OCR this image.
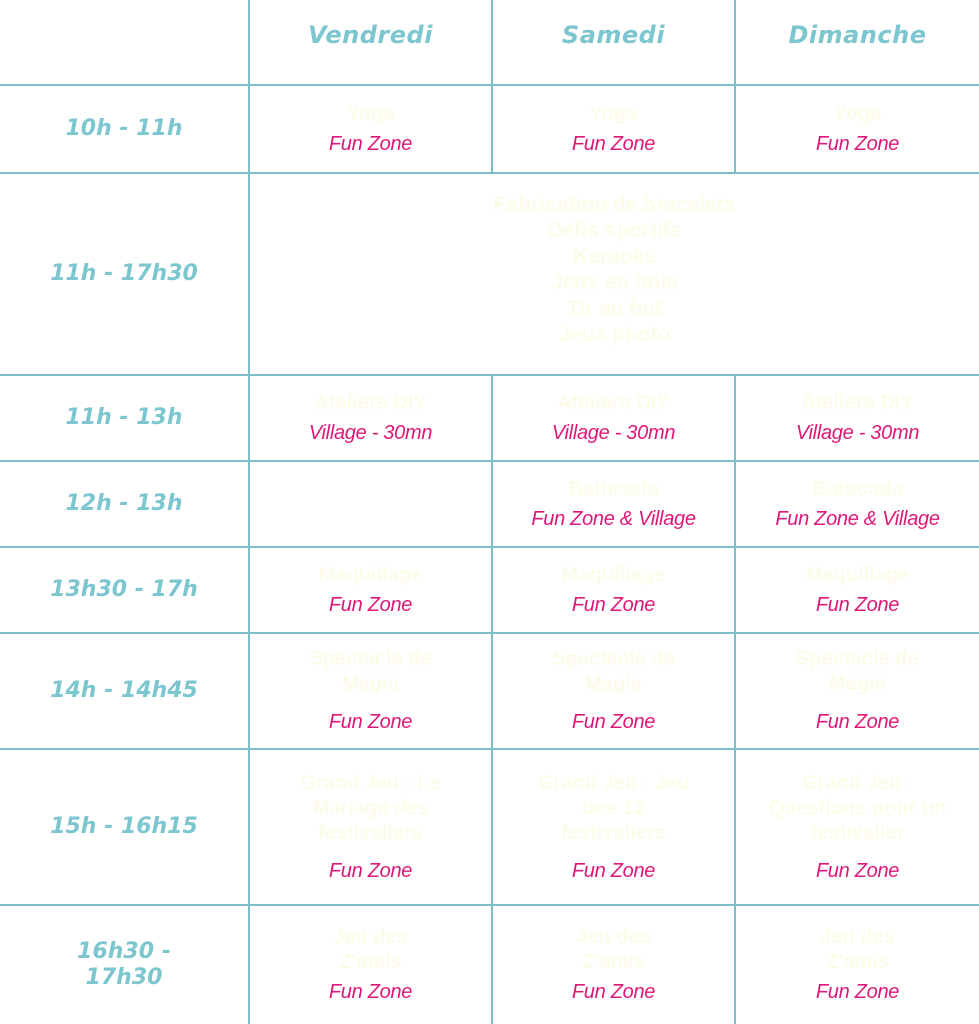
Vendredi	Samedi	Dimanche
10h - 11h
Yoga
Fun Zone
Yoga
Fun Zone
Yoga
Fun Zone
11h - 17h30
Fabrication de bracelets
Défis sportifs
Karaoké
Jeux en bois
Tir au but
Jeux photo
11h - 13h
Ateliers DIY
Village - 30mn
Ateliers DIY
Village - 30mn
Ateliers DIY
Village - 30mn
12h - 13h
Batucada
Fun Zone & Village
Batucada
Fun Zone & Village
13h30 - 17h
Maquillage
Fun Zone
Maquillage
Fun Zone
Maquillage
Fun Zone
14h - 14h45
Spectacle de Magie
Fun Zone
Spectacle de Magie
Fun Zone
Spectacle de Magie
Fun Zone
15h - 16h15
Grand Jeu : Le Mariage des festivaliers
Fun Zone
Grand Jeu : Jeu des 12 festivaliers
Fun Zone
Grand Jeu : Questions pour un festivalier
Fun Zone
16h30 - 17h30
Jeu des Z'amis
Fun Zone
Jeu des Z'amis
Fun Zone
Jeu des Z'amis
Fun Zone
